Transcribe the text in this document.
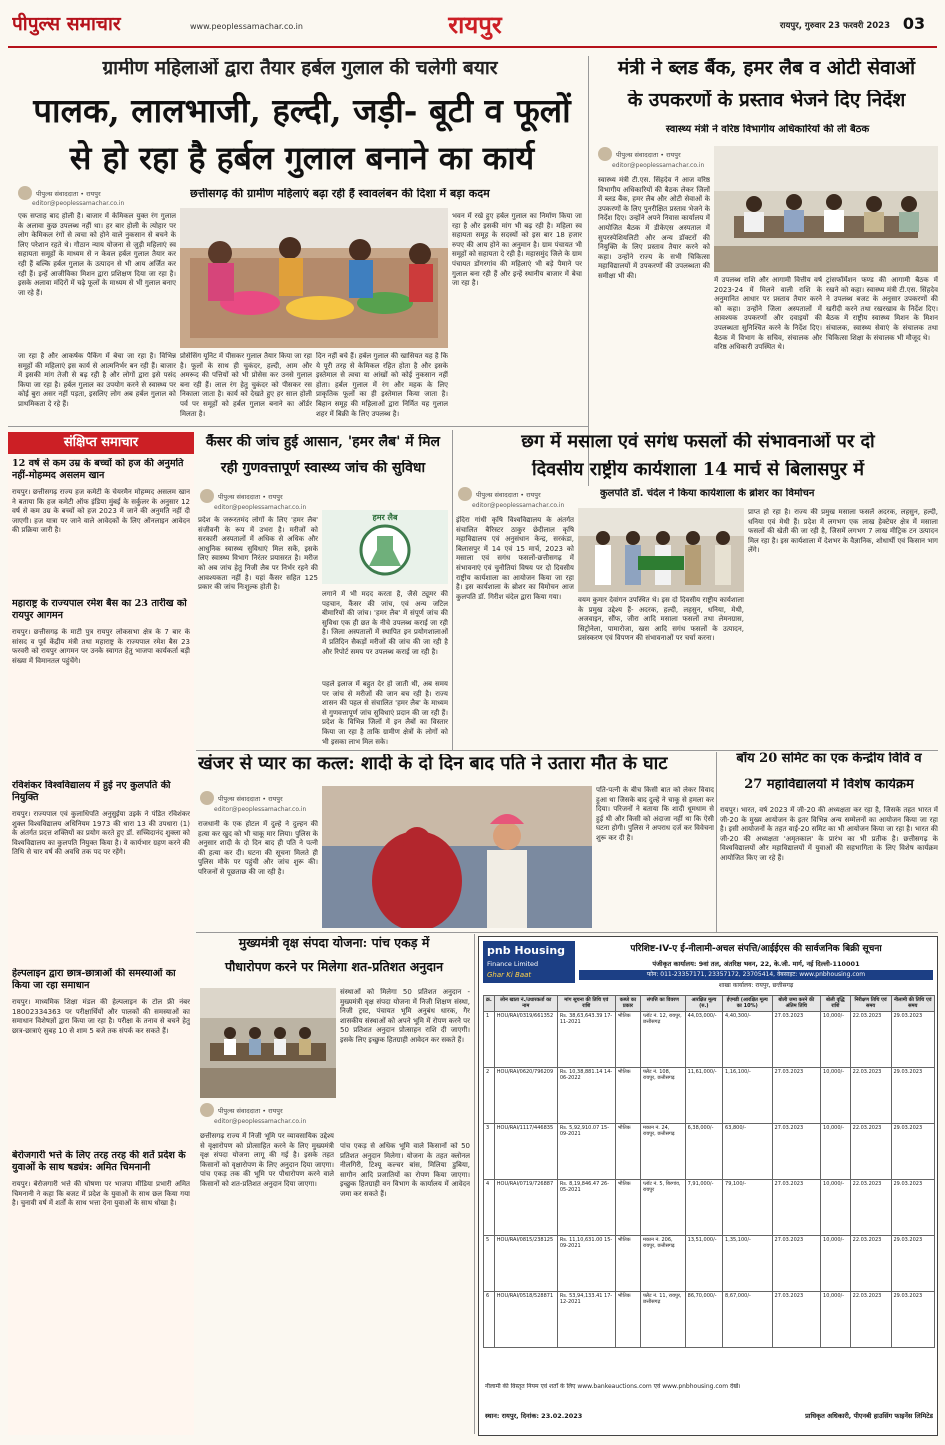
पीपुल्स समाचार	www.peoplessamachar.co.in	रायपुर	रायपुर, गुरुवार 23 फरवरी 2023 03
ग्रामीण महिलाओं द्वारा तैयार हर्बल गुलाल की चलेगी बयार
पालक, लालभाजी, हल्दी, जड़ी- बूटी व फूलों
से हो रहा है हर्बल गुलाल बनाने का कार्य
छत्तीसगढ़ की ग्रामीण महिलाएं बढ़ा रही हैं स्वावलंबन की दिशा में बड़ा कदम
पीपुल्स संवाददाता • रायपुर
editor@peoplessamachar.co.in
एक सप्ताह बाद होली है। बाजार में केमिकल युक्त रंग गुलाल के अलावा कुछ उपलब्ध नहीं था। हर बार होली के त्योहार पर लोग केमिकल रंगों से त्वचा को होने वाले नुकसान से बचने के लिए परेशान रहते थे। गौठान न्याय योजना से जुड़ी महिलाएं स्व सहायता समूहों के माध्यम से न केवल हर्बल गुलाल तैयार कर रही हैं बल्कि हर्बल गुलाल के उत्पादन से भी आय अर्जित कर रही हैं। इन्हें आजीविका मिशन द्वारा प्रशिक्षण दिया जा रहा है। इसके अलावा मंदिरों में चढ़े फूलों के माध्यम से भी गुलाल बनाए जा रहे हैं।
प्रोसेसिंग यूनिट में पीसकर गुलाल तैयार किया जा रहा है। फूलों के साथ ही चुकंदर, हल्दी, आम और अमरूद की पत्तियों को भी प्रोसेस कर उनसे गुलाल बना रही हैं। लाल रंग हेतु चुकंदर को पीसकर रस निकाला जाता है। कार्य को देखते हुए हर साल होली पर्व पर समूहों को हर्बल गुलाल बनाने का ऑर्डर मिलता है।
दिन नहीं बचे हैं। हर्बल गुलाल की खासियत यह है कि ये पूरी तरह से केमिकल रहित होता है और इसके इस्तेमाल से त्वचा या आंखों को कोई नुकसान नहीं होता। हर्बल गुलाल में रंग और महक के लिए प्राकृतिक फूलों का ही इस्तेमाल किया जाता है। बिहान समूह की महिलाओं द्वारा निर्मित यह गुलाल शहर में बिक्री के लिए उपलब्ध है।
भवन में रखे हुए हर्बल गुलाल का निर्माण किया जा रहा है और इसकी मांग भी बढ़ रही है। महिला स्व सहायता समूह के सदस्यों को इस बार 18 हजार रुपए की आय होने का अनुमान है। ग्राम पंचायत भी समूहों को सहायता दे रही है। महासमुंद जिले के ग्राम पंचायत डोंगरगांव की महिलाएं भी बड़े पैमाने पर गुलाल बना रही हैं और इन्हें स्थानीय बाजार में बेचा जा रहा है।
जा रहा है और आकर्षक पैकिंग में बेचा जा रहा है। विभिन्न समूहों की महिलाएं इस कार्य से आत्मनिर्भर बन रही हैं। बाजार में इसकी मांग तेजी से बढ़ रही है और लोगों द्वारा इसे पसंद किया जा रहा है। हर्बल गुलाल का उपयोग करने से स्वास्थ्य पर कोई बुरा असर नहीं पड़ता, इसलिए लोग अब हर्बल गुलाल को प्राथमिकता दे रहे हैं।
मंत्री ने ब्लड बैंक, हमर लैब व ओटी सेवाओं
के उपकरणों के प्रस्ताव भेजने दिए निर्देश
स्वास्थ्य मंत्री ने वरिष्ठ विभागीय अधिकारियों की ली बैठक
पीपुल्स संवाददाता • रायपुर
editor@peoplessamachar.co.in
स्वास्थ्य मंत्री टी.एस. सिंहदेव ने आज वरिष्ठ विभागीय अधिकारियों की बैठक लेकर जिलों में ब्लड बैंक, हमर लैब और ओटी सेवाओं के उपकरणों के लिए पुनरीक्षित प्रस्ताव भेजने के निर्देश दिए। उन्होंने अपने निवास कार्यालय में आयोजित बैठक में डीकेएस अस्पताल में सुपरस्पेशियलिटी और अन्य डॉक्टरों की नियुक्ति के लिए प्रस्ताव तैयार करने को कहा। उन्होंने राज्य के सभी चिकित्सा महाविद्यालयों में उपकरणों की उपलब्धता की समीक्षा भी की।
में उपलब्ध राशि और आगामी वित्तीय वर्ष 2023-24 में मिलने वाली राशि के अनुमानित आधार पर प्रस्ताव तैयार करने को कहा। उन्होंने जिला अस्पतालों में आवश्यक उपकरणों और दवाइयों की उपलब्धता सुनिश्चित करने के निर्देश दिए। बैठक में विभाग के सचिव, संचालक और वरिष्ठ अधिकारी उपस्थित थे।
ट्रांसफॉर्मेशन फण्ड की आगामी बैठक में रखने को कहा। स्वास्थ्य मंत्री टी.एस. सिंहदेव ने उपलब्ध बजट के अनुसार उपकरणों की खरीदी करने तथा रखरखाव के निर्देश दिए। बैठक में राष्ट्रीय स्वास्थ्य मिशन के मिशन संचालक, स्वास्थ्य सेवाएं के संचालक तथा चिकित्सा शिक्षा के संचालक भी मौजूद थे।
संक्षिप्त समाचार
12 वर्ष से कम उम्र के बच्चों को हज की अनुमति नहीं-मोहम्मद असलम खान
रायपुर। छत्तीसगढ़ राज्य हज कमेटी के चेयरमैन मोहम्मद असलम खान ने बताया कि हज कमेटी ऑफ इंडिया मुंबई के सर्कुलर के अनुसार 12 वर्ष से कम उम्र के बच्चों को हज 2023 में जाने की अनुमति नहीं दी जाएगी। हज यात्रा पर जाने वाले आवेदकों के लिए ऑनलाइन आवेदन की प्रक्रिया जारी है।
महाराष्ट्र के राज्यपाल रमेश बैस का 23 तारीख को रायपुर आगमन
रायपुर। छत्तीसगढ़ के माटी पुत्र रायपुर लोकसभा क्षेत्र के 7 बार के सांसद व पूर्व केंद्रीय मंत्री तथा महाराष्ट्र के राज्यपाल रमेश बैस 23 फरवरी को रायपुर आगमन पर उनके स्वागत हेतु भाजपा कार्यकर्ता बड़ी संख्या में विमानतल पहुंचेंगे।
रविशंकर विश्वविद्यालय में हुई नए कुलपति की नियुक्ति
रायपुर। राज्यपाल एवं कुलाधिपति अनुसुईया उइके ने पंडित रविशंकर शुक्ल विश्वविद्यालय अधिनियम 1973 की धारा 13 की उपधारा (1) के अंतर्गत प्रदत्त शक्तियों का प्रयोग करते हुए डॉ. सच्चिदानंद शुक्ला को विश्वविद्यालय का कुलपति नियुक्त किया है। वे कार्यभार ग्रहण करने की तिथि से चार वर्ष की अवधि तक पद पर रहेंगे।
हेल्पलाइन द्वारा छात्र-छात्राओं की समस्याओं का किया जा रहा समाधान
रायपुर। माध्यमिक शिक्षा मंडल की हेल्पलाइन के टोल फ्री नंबर 18002334363 पर परीक्षार्थियों और पालकों की समस्याओं का समाधान विशेषज्ञों द्वारा किया जा रहा है। परीक्षा के तनाव से बचने हेतु छात्र-छात्राएं सुबह 10 से शाम 5 बजे तक संपर्क कर सकते हैं।
बेरोजगारी भत्ते के लिए तरह तरह की शर्ते प्रदेश के युवाओं के साथ षड्यंत्र: अमित चिमनानी
रायपुर। बेरोजगारी भत्ते की घोषणा पर भाजपा मीडिया प्रभारी अमित चिमनानी ने कहा कि बजट में प्रदेश के युवाओं के साथ छल किया गया है। चुनावी वर्ष में शर्तों के साथ भत्ता देना युवाओं के साथ धोखा है।
कैंसर की जांच हुई आसान, 'हमर लैब' में मिल
रही गुणवत्तापूर्ण स्वास्थ्य जांच की सुविधा
पीपुल्स संवाददाता • रायपुर
editor@peoplessamachar.co.in
हमर लैब
प्रदेश के जरूरतमंद लोगों के लिए 'हमर लैब' संजीवनी के रूप में उभरा है। मरीजों को सरकारी अस्पतालों में अधिक से अधिक और आधुनिक स्वास्थ्य सुविधाएं मिल सकें, इसके लिए स्वास्थ्य विभाग निरंतर प्रयासरत है। मरीज को अब जांच हेतु निजी लैब पर निर्भर रहने की आवश्यकता नहीं है। यहां कैंसर सहित 125 प्रकार की जांच निःशुल्क होती है।
लगाने में भी मदद करता है, जैसे ट्यूमर की पहचान, कैंसर की जांच, एवं अन्य जटिल बीमारियों की जांच। 'हमर लैब' में संपूर्ण जांच की सुविधा एक ही छत के नीचे उपलब्ध कराई जा रही है। जिला अस्पतालों में स्थापित इन प्रयोगशालाओं में प्रतिदिन सैकड़ों मरीजों की जांच की जा रही है और रिपोर्ट समय पर उपलब्ध कराई जा रही है।
पहले इलाज में बहुत देर हो जाती थी, अब समय पर जांच से मरीजों की जान बच रही है। राज्य शासन की पहल से संचालित 'हमर लैब' के माध्यम से गुणवत्तापूर्ण जांच सुविधाएं प्रदान की जा रही हैं। प्रदेश के विभिन्न जिलों में इन लैबों का विस्तार किया जा रहा है ताकि ग्रामीण क्षेत्रों के लोगों को भी इसका लाभ मिल सके।
छग में मसाला एवं सगंध फसलों की संभावनाओं पर दो
दिवसीय राष्ट्रीय कार्यशाला 14 मार्च से बिलासपुर में
कुलपति डॉ. चंदेल ने किया कार्यशाला के ब्रोशर का विमोचन
पीपुल्स संवाददाता • रायपुर
editor@peoplessamachar.co.in
इंदिरा गांधी कृषि विश्वविद्यालय के अंतर्गत संचालित बैरिस्टर ठाकुर छेदीलाल कृषि महाविद्यालय एवं अनुसंधान केन्द्र, सरकंडा, बिलासपुर में 14 एवं 15 मार्च, 2023 को मसाला एवं सगंध फसलों-छत्तीसगढ़ में संभावनाएं एवं चुनौतियां विषय पर दो दिवसीय राष्ट्रीय कार्यशाला का आयोजन किया जा रहा है। इस कार्यशाला के ब्रोशर का विमोचन आज कुलपति डॉ. गिरीश चंदेल द्वारा किया गया।	वयम कुमार देवांगन उपस्थित थे। इस दो दिवसीय राष्ट्रीय कार्यशाला के प्रमुख उद्देश्य हैं- अदरक, हल्दी, लहसुन, धनिया, मेथी, अजवाइन, सौंफ, जीरा आदि मसाला फसलों तथा लेमनग्रास, सिट्रोनेला, पामारोजा, खस आदि सगंध फसलों के उत्पादन, प्रसंस्करण एवं विपणन की संभावनाओं पर चर्चा करना।
प्राप्त हो रहा है। राज्य की प्रमुख मसाला फसलें अदरक, लहसुन, हल्दी, धनिया एवं मेथी हैं। प्रदेश में लगभग एक लाख हेक्टेयर क्षेत्र में मसाला फसलों की खेती की जा रही है, जिसमें लगभग 7 लाख मीट्रिक टन उत्पादन मिल रहा है। इस कार्यशाला में देशभर के वैज्ञानिक, शोधार्थी एवं किसान भाग लेंगे।
खंजर से प्यार का कत्ल: शादी के दो दिन बाद पति ने उतारा मौत के घाट
पीपुल्स संवाददाता • रायपुर
editor@peoplessamachar.co.in
राजधानी के एक होटल में दुल्हे ने दुल्हन की हत्या कर खुद को भी चाकू मार लिया। पुलिस के अनुसार शादी के दो दिन बाद ही पति ने पत्नी की हत्या कर दी। घटना की सूचना मिलते ही पुलिस मौके पर पहुंची और जांच शुरू की। परिजनों से पूछताछ की जा रही है।
पति-पत्नी के बीच किसी बात को लेकर विवाद हुआ था जिसके बाद दुल्हे ने चाकू से हमला कर दिया। परिजनों ने बताया कि शादी धूमधाम से हुई थी और किसी को अंदाजा नहीं था कि ऐसी घटना होगी। पुलिस ने अपराध दर्ज कर विवेचना शुरू कर दी है।
बॉय 20 समिट का एक केन्द्रीय विवि व
27 महाविद्यालयों में विशेष कार्यक्रम
रायपुर। भारत, वर्ष 2023 में जी-20 की अध्यक्षता कर रहा है, जिसके तहत भारत में जी-20 के मुख्य आयोजन के इतर विभिन्न अन्य सम्मेलनों का आयोजन किया जा रहा है। इसी आयोजनों के तहत वाई-20 समिट का भी आयोजन किया जा रहा है। भारत की जी-20 की अध्यक्षता 'अमृतकाल' के प्रारंभ का भी प्रतीक है। छत्तीसगढ़ के विश्वविद्यालयों और महाविद्यालयों में युवाओं की सहभागिता के लिए विशेष कार्यक्रम आयोजित किए जा रहे हैं।
मुख्यमंत्री वृक्ष संपदा योजना: पांच एकड़ में
पौधारोपण करने पर मिलेगा शत-प्रतिशत अनुदान
पीपुल्स संवाददाता • रायपुर
editor@peoplessamachar.co.in
संस्थाओं को मिलेगा 50 प्रतिशत अनुदान - मुख्यमंत्री वृक्ष संपदा योजना में निजी शिक्षण संस्था, निजी ट्रस्ट, पंचायत भूमि अनुबंध धारक, गैर शासकीय संस्थाओं को अपने भूमि में रोपण करने पर 50 प्रतिशत अनुदान प्रोत्साहन राशि दी जाएगी। इसके लिए इच्छुक हितग्राही आवेदन कर सकते हैं।
छत्तीसगढ़ राज्य में निजी भूमि पर व्यावसायिक उद्देश्य से वृक्षारोपण को प्रोत्साहित करने के लिए मुख्यमंत्री वृक्ष संपदा योजना लागू की गई है। इसके तहत किसानों को वृक्षारोपण के लिए अनुदान दिया जाएगा। पांच एकड़ तक की भूमि पर पौधारोपण करने वाले किसानों को शत-प्रतिशत अनुदान दिया जाएगा।
पांच एकड़ से अधिक भूमि वाले किसानों को 50 प्रतिशत अनुदान मिलेगा। योजना के तहत क्लोनल नीलगिरी, टिश्यू कल्चर बांस, मिलिया डुबिया, सागौन आदि प्रजातियों का रोपण किया जाएगा। इच्छुक हितग्राही वन विभाग के कार्यालय में आवेदन जमा कर सकते हैं।
pnb Housing
Finance Limited
Ghar Ki Baat
परिशिष्ट-IV-ए ई-नीलामी-अचल संपत्ति/आईईएस की सार्वजनिक बिक्री सूचना
पंजीकृत कार्यालय: 9वां तल, अंतरिक्ष भवन, 22, के.जी. मार्ग, नई दिल्ली-110001
फोन: 011-23357171, 23357172, 23705414, वेबसाइट: www.pnbhousing.com
शाखा कार्यालय: रायपुर, छत्तीसगढ़
क्र.	लोन खाता नं./उधारकर्ता का नाम	मांग सूचना की तिथि एवं राशि	कब्जे का प्रकार	संपत्ति का विवरण	आरक्षित मूल्य (रु.)	ईएमडी (आरक्षित मूल्य का 10%)	बोली जमा करने की अंतिम तिथि	बोली वृद्धि राशि	निरीक्षण तिथि एवं समय	नीलामी की तिथि एवं समय
1	HOU/RAI/0319/661352	Rs. 38,63,643.39 17-11-2021	भौतिक	प्लॉट नं. 12, रायपुर, छत्तीसगढ़	44,03,000/-	4,40,300/-	27.03.2023	10,000/-	22.03.2023	29.03.2023
2	HOU/RAI/0620/796209	Rs. 10,38,881.14 14-06-2022	भौतिक	फ्लैट नं. 108, रायपुर, छत्तीसगढ़	11,61,000/-	1,16,100/-	27.03.2023	10,000/-	22.03.2023	29.03.2023
3	HOU/RAI/1117/446835	Rs. 5,92,910.07 15-09-2021	भौतिक	मकान नं. 24, रायपुर, छत्तीसगढ़	6,38,000/-	63,800/-	27.03.2023	10,000/-	22.03.2023	29.03.2023
4	HOU/RAI/0719/726887	Rs. 8,19,846.47 26-05-2021	भौतिक	प्लॉट नं. 5, बिरगांव, रायपुर	7,91,000/-	79,100/-	27.03.2023	10,000/-	22.03.2023	29.03.2023
5	HOU/RAI/0815/238125	Rs. 11,10,631.00 15-09-2021	भौतिक	मकान नं. 206, रायपुर, छत्तीसगढ़	13,51,000/-	1,35,100/-	27.03.2023	10,000/-	22.03.2023	29.03.2023
6	HOU/RAI/0518/528871	Rs. 53,94,133.41 17-12-2021	भौतिक	फ्लैट नं. 11, रायपुर, छत्तीसगढ़	86,70,000/-	8,67,000/-	27.03.2023	10,000/-	22.03.2023	29.03.2023
नीलामी की विस्तृत नियम एवं शर्तों के लिए www.bankeauctions.com एवं www.pnbhousing.com देखें।
स्थान: रायपुर, दिनांक: 23.02.2023	प्राधिकृत अधिकारी, पीएनबी हाउसिंग फाइनेंस लिमिटेड
